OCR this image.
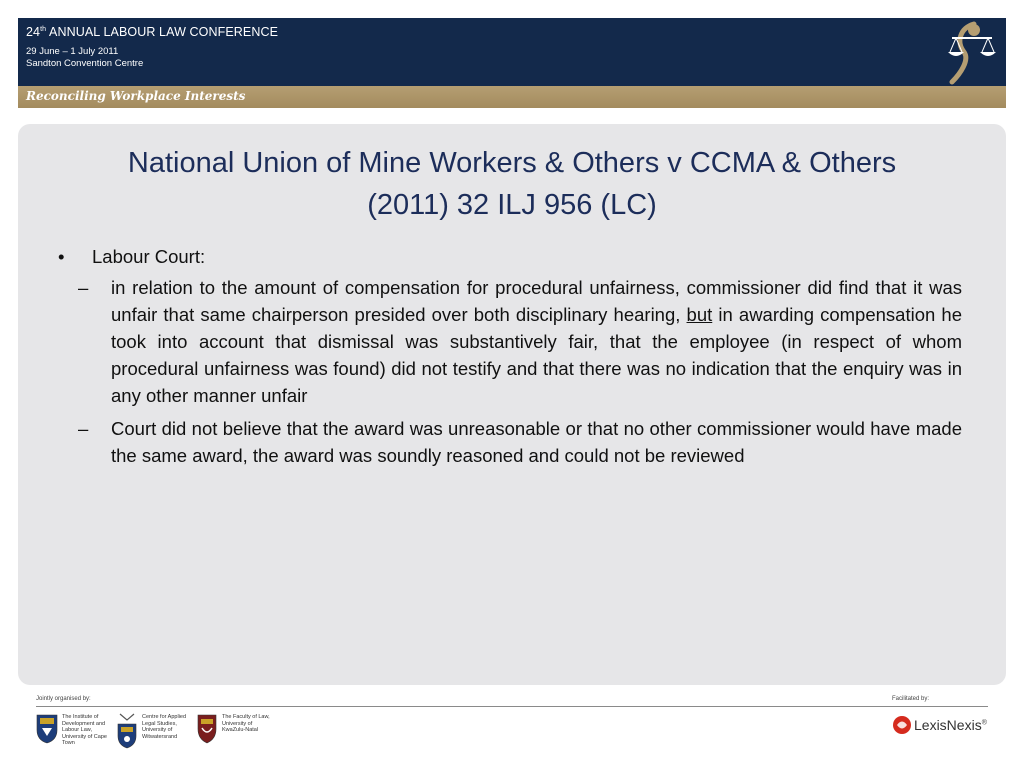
24th ANNUAL LABOUR LAW CONFERENCE
29 June – 1 July 2011
Sandton Convention Centre
Reconciling Workplace Interests
National Union of Mine Workers & Others v CCMA & Others
(2011) 32 ILJ 956 (LC)
• Labour Court:
– in relation to the amount of compensation for procedural unfairness, commissioner did find that it was unfair that same chairperson presided over both disciplinary hearing, but in awarding compensation he took into account that dismissal was substantively fair, that the employee (in respect of whom procedural unfairness was found) did not testify and that there was no indication that the enquiry was in any other manner unfair
– Court did not believe that the award was unreasonable or that no other commissioner would have made the same award, the award was soundly reasoned and could not be reviewed
Jointly organised by:	Facilitated by:
The Institute of Development and Labour Law, University of Cape Town
Centre for Applied Legal Studies, University of Witwatersrand
The Faculty of Law, University of KwaZulu-Natal	LexisNexis®
